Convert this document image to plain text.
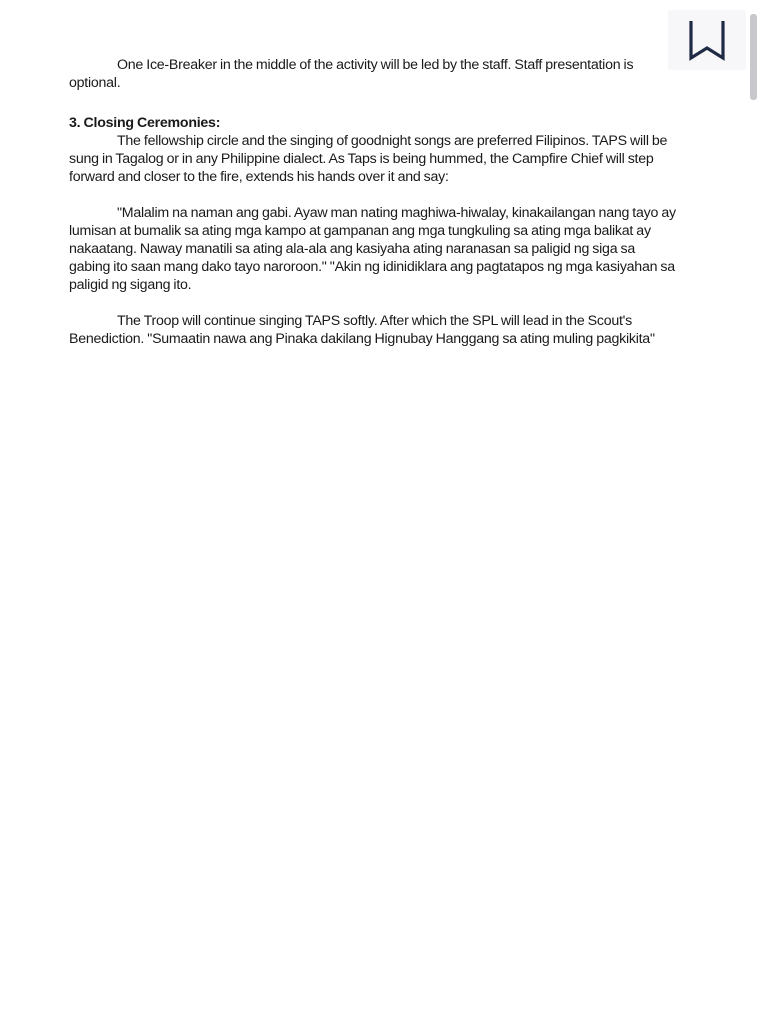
One Ice-Breaker in the middle of the activity will be led by the staff. Staff presentation is optional.

3. Closing Ceremonies:

The fellowship circle and the singing of goodnight songs are preferred Filipinos. TAPS will be sung in Tagalog or in any Philippine dialect. As Taps is being hummed, the Campfire Chief will step forward and closer to the fire, extends his hands over it and say:

"Malalim na naman ang gabi. Ayaw man nating maghiwa-hiwalay, kinakailangan nang tayo ay lumisan at bumalik sa ating mga kampo at gampanan ang mga tungkuling sa ating mga balikat ay nakaatang. Naway manatili sa ating ala-ala ang kasiyaha ating naranasan sa paligid ng siga sa gabing ito saan mang dako tayo naroroon." "Akin ng idinidiklara ang pagtatapos ng mga kasiyahan sa paligid ng sigang ito.

The Troop will continue singing TAPS softly. After which the SPL will lead in the Scout's Benediction. "Sumaatin nawa ang Pinaka dakilang Hignubay Hanggang sa ating muling pagkikita"
